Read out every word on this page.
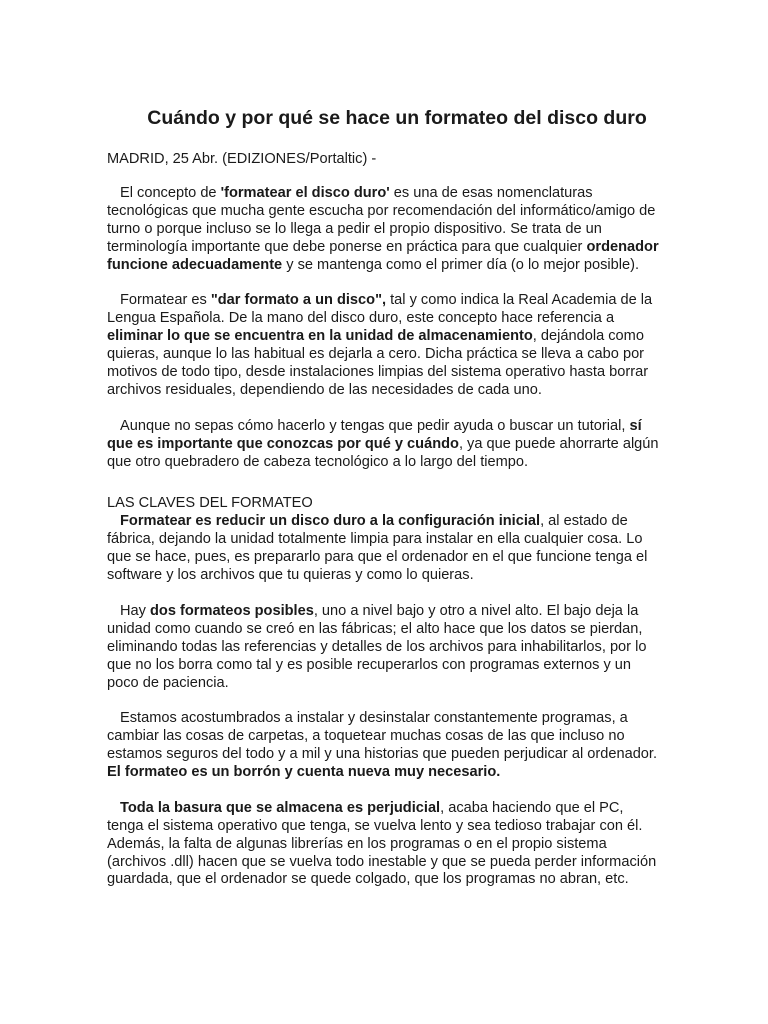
Cuándo y por qué se hace un formateo del disco duro

MADRID, 25 Abr. (EDIZIONES/Portaltic) -

El concepto de 'formatear el disco duro' es una de esas nomenclaturas tecnológicas que mucha gente escucha por recomendación del informático/amigo de turno o porque incluso se lo llega a pedir el propio dispositivo. Se trata de un terminología importante que debe ponerse en práctica para que cualquier ordenador funcione adecuadamente y se mantenga como el primer día (o lo mejor posible).

Formatear es "dar formato a un disco", tal y como indica la Real Academia de la Lengua Española. De la mano del disco duro, este concepto hace referencia a eliminar lo que se encuentra en la unidad de almacenamiento, dejándola como quieras, aunque lo las habitual es dejarla a cero. Dicha práctica se lleva a cabo por motivos de todo tipo, desde instalaciones limpias del sistema operativo hasta borrar archivos residuales, dependiendo de las necesidades de cada uno.

Aunque no sepas cómo hacerlo y tengas que pedir ayuda o buscar un tutorial, sí que es importante que conozcas por qué y cuándo, ya que puede ahorrarte algún que otro quebradero de cabeza tecnológico a lo largo del tiempo.

LAS CLAVES DEL FORMATEO

Formatear es reducir un disco duro a la configuración inicial, al estado de fábrica, dejando la unidad totalmente limpia para instalar en ella cualquier cosa. Lo que se hace, pues, es prepararlo para que el ordenador en el que funcione tenga el software y los archivos que tu quieras y como lo quieras.

Hay dos formateos posibles, uno a nivel bajo y otro a nivel alto. El bajo deja la unidad como cuando se creó en las fábricas; el alto hace que los datos se pierdan, eliminando todas las referencias y detalles de los archivos para inhabilitarlos, por lo que no los borra como tal y es posible recuperarlos con programas externos y un poco de paciencia.

Estamos acostumbrados a instalar y desinstalar constantemente programas, a cambiar las cosas de carpetas, a toquetear muchas cosas de las que incluso no estamos seguros del todo y a mil y una historias que pueden perjudicar al ordenador. El formateo es un borrón y cuenta nueva muy necesario.

Toda la basura que se almacena es perjudicial, acaba haciendo que el PC, tenga el sistema operativo que tenga, se vuelva lento y sea tedioso trabajar con él. Además, la falta de algunas librerías en los programas o en el propio sistema (archivos .dll) hacen que se vuelva todo inestable y que se pueda perder información guardada, que el ordenador se quede colgado, que los programas no abran, etc.
